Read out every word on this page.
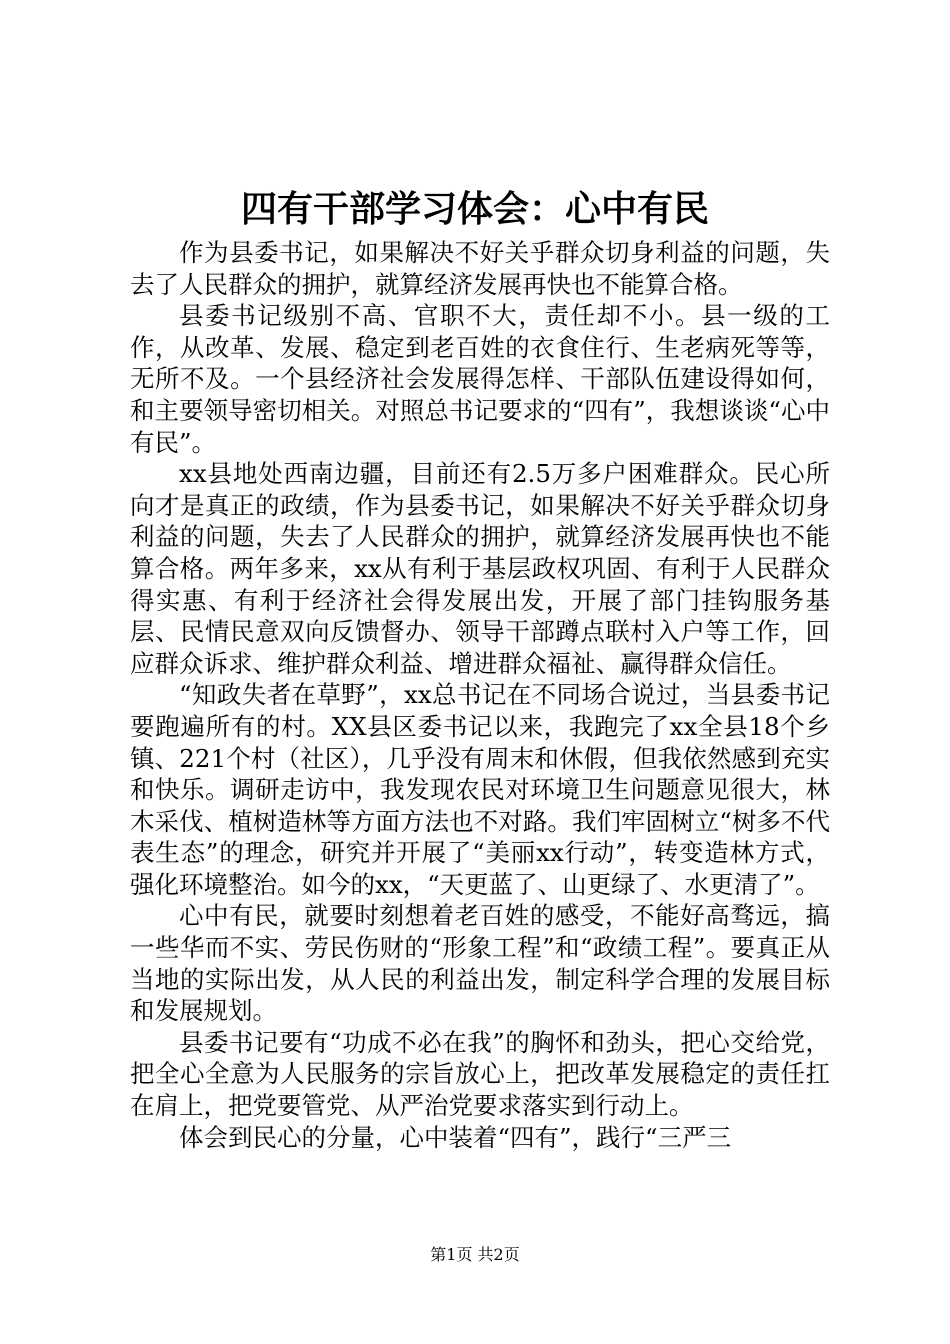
四有干部学习体会：心中有民

作为县委书记，如果解决不好关乎群众切身利益的问题，失去了人民群众的拥护，就算经济发展再快也不能算合格。

县委书记级别不高、官职不大，责任却不小。县一级的工作，从改革、发展、稳定到老百姓的衣食住行、生老病死等等，无所不及。一个县经济社会发展得怎样、干部队伍建设得如何，和主要领导密切相关。对照总书记要求的“四有”，我想谈谈“心中有民”。

xx县地处西南边疆，目前还有2.5万多户困难群众。民心所向才是真正的政绩，作为县委书记，如果解决不好关乎群众切身利益的问题，失去了人民群众的拥护，就算经济发展再快也不能算合格。两年多来，xx从有利于基层政权巩固、有利于人民群众得实惠、有利于经济社会得发展出发，开展了部门挂钩服务基层、民情民意双向反馈督办、领导干部蹲点联村入户等工作，回应群众诉求、维护群众利益、增进群众福祉、赢得群众信任。

“知政失者在草野”，xx总书记在不同场合说过，当县委书记要跑遍所有的村。XX县区委书记以来，我跑完了xx全县18个乡镇、221个村（社区），几乎没有周末和休假，但我依然感到充实和快乐。调研走访中，我发现农民对环境卫生问题意见很大，林木采伐、植树造林等方面方法也不对路。我们牢固树立“树多不代表生态”的理念，研究并开展了“美丽xx行动”，转变造林方式，强化环境整治。如今的xx，“天更蓝了、山更绿了、水更清了”。

心中有民，就要时刻想着老百姓的感受，不能好高骛远，搞一些华而不实、劳民伤财的“形象工程”和“政绩工程”。要真正从当地的实际出发，从人民的利益出发，制定科学合理的发展目标和发展规划。

县委书记要有“功成不必在我”的胸怀和劲头，把心交给党，把全心全意为人民服务的宗旨放心上，把改革发展稳定的责任扛在肩上，把党要管党、从严治党要求落实到行动上。

体会到民心的分量，心中装着“四有”，践行“三严三

第1页 共2页
